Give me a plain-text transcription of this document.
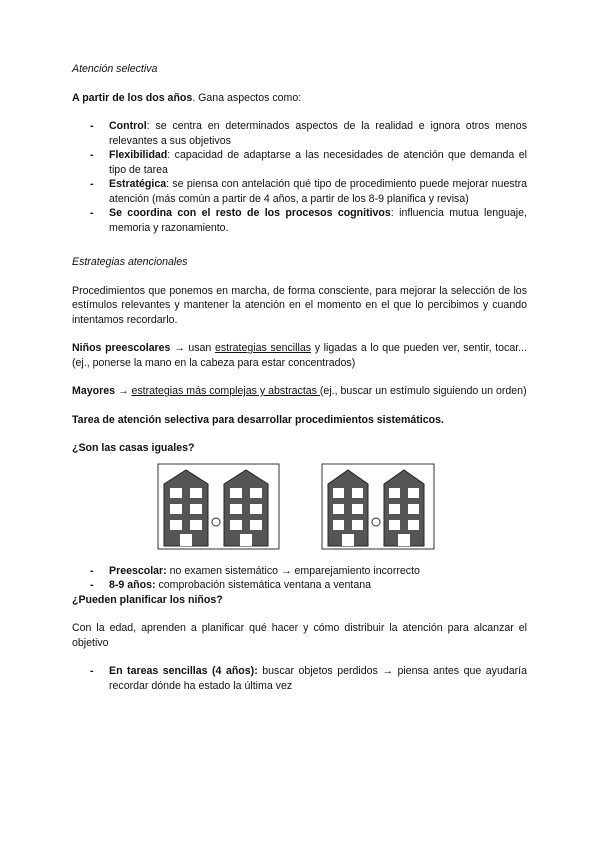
Atención selectiva

A partir de los dos años. Gana aspectos como:

- Control: se centra en determinados aspectos de la realidad e ignora otros menos relevantes a sus objetivos
- Flexibilidad: capacidad de adaptarse a las necesidades de atención que demanda el tipo de tarea
- Estratégica: se piensa con antelación qué tipo de procedimiento puede mejorar nuestra atención (más común a partir de 4 años, a partir de los 8-9 planifica y revisa)
- Se coordina con el resto de los procesos cognitivos: influencia mutua lenguaje, memoria y razonamiento.

Estrategias atencionales

Procedimientos que ponemos en marcha, de forma consciente, para mejorar la selección de los estímulos relevantes y mantener la atención en el momento en el que lo percibimos y cuando intentamos recordarlo.

Niños preescolares → usan estrategias sencillas y ligadas a lo que pueden ver, sentir, tocar... (ej., ponerse la mano en la cabeza para estar concentrados)

Mayores → estrategias más complejas y abstractas (ej., buscar un estímulo siguiendo un orden)

Tarea de atención selectiva para desarrollar procedimientos sistemáticos.

¿Son las casas iguales?

- Preescolar: no examen sistemático → emparejamiento incorrecto
- 8-9 años: comprobación sistemática ventana a ventana

¿Pueden planificar los niños?

Con la edad, aprenden a planificar qué hacer y cómo distribuir la atención para alcanzar el objetivo

- En tareas sencillas (4 años): buscar objetos perdidos → piensa antes que ayudaría recordar dónde ha estado la última vez
